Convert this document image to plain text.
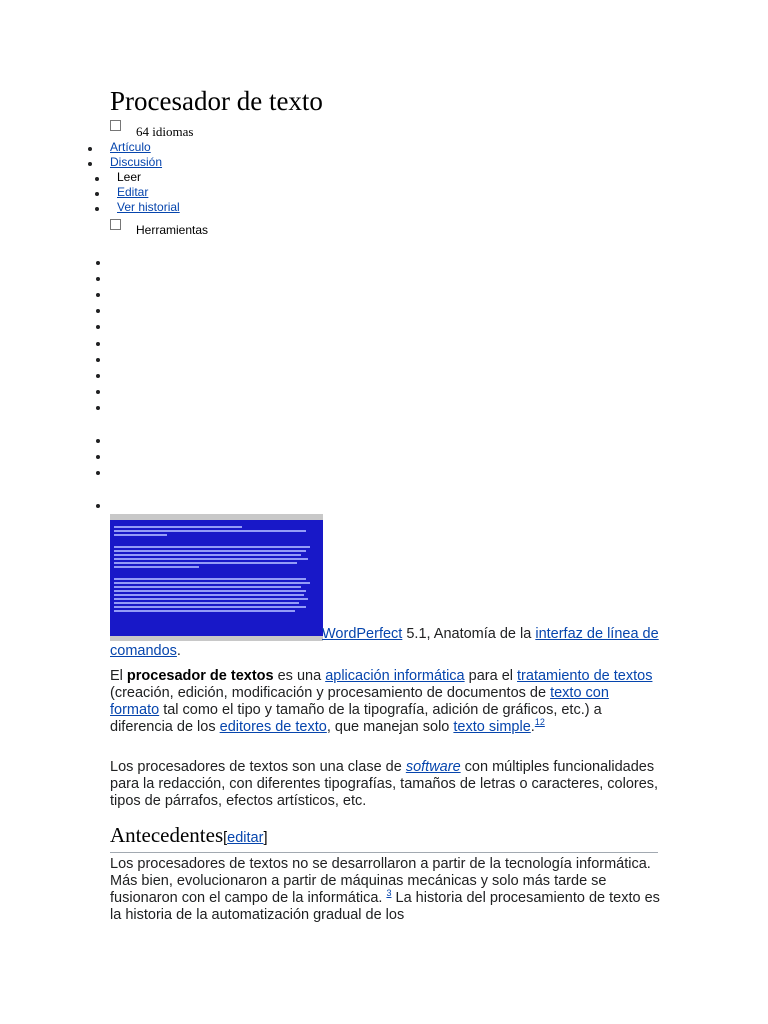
Procesador de texto
64 idiomas
Artículo
Discusión
Leer
Editar
Ver historial
Herramientas
WordPerfect 5.1, Anatomía de la interfaz de línea de comandos.

El procesador de textos es una aplicación informática para el tratamiento de textos (creación, edición, modificación y procesamiento de documentos de texto con formato tal como el tipo y tamaño de la tipografía, adición de gráficos, etc.) a diferencia de los editores de texto, que manejan solo texto simple.$^{12}$

Los procesadores de textos son una clase de software con múltiples funcionalidades para la redacción, con diferentes tipografías, tamaños de letras o caracteres, colores, tipos de párrafos, efectos artísticos, etc.

Antecedentes[editar]

Los procesadores de textos no se desarrollaron a partir de la tecnología informática. Más bien, evolucionaron a partir de máquinas mecánicas y solo más tarde se fusionaron con el campo de la informática. $^3$ La historia del procesamiento de texto es la historia de la automatización gradual de los
